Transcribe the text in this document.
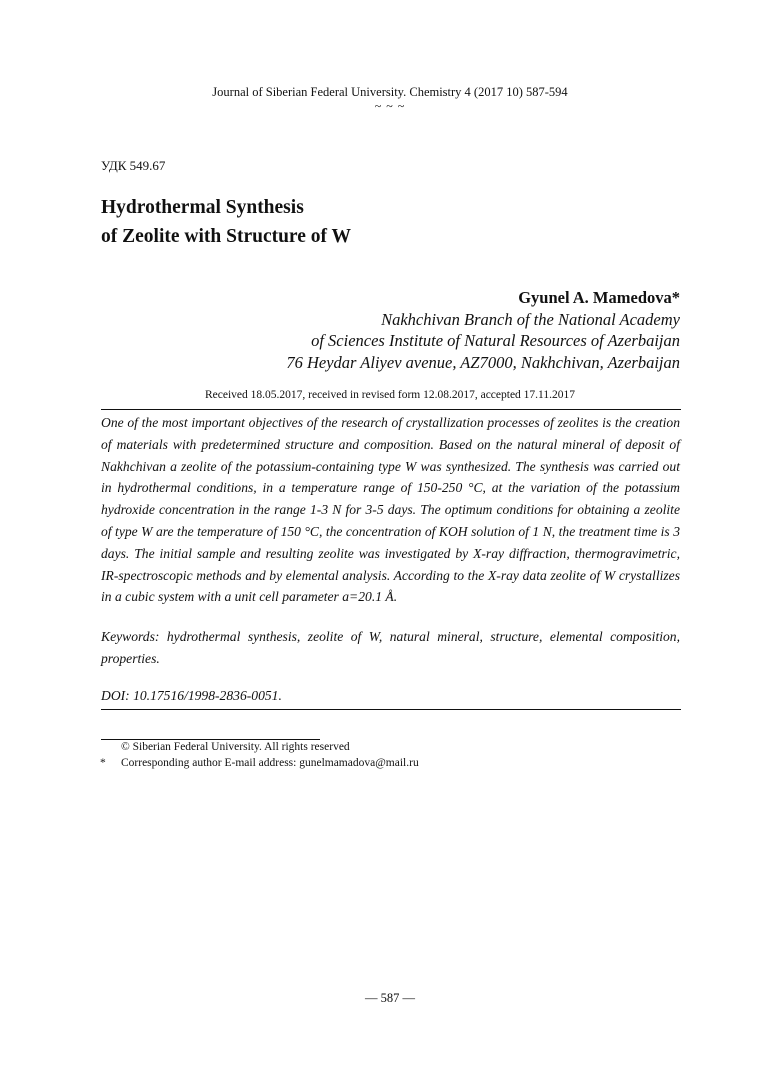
Journal of Siberian Federal University. Chemistry 4 (2017 10) 587-594
~ ~ ~
УДК 549.67
Hydrothermal Synthesis
of Zeolite with Structure of W
Gyunel A. Mamedova*
Nakhchivan Branch of the National Academy
of Sciences Institute of Natural Resources of Azerbaijan
76 Heydar Aliyev avenue, AZ7000, Nakhchivan, Azerbaijan
Received 18.05.2017, received in revised form 12.08.2017, accepted 17.11.2017
One of the most important objectives of the research of crystallization processes of zeolites is the creation of materials with predetermined structure and composition. Based on the natural mineral of deposit of Nakhchivan a zeolite of the potassium-containing type W was synthesized. The synthesis was carried out in hydrothermal conditions, in a temperature range of 150-250 °C, at the variation of the potassium hydroxide concentration in the range 1-3 N for 3-5 days. The optimum conditions for obtaining a zeolite of type W are the temperature of 150 °C, the concentration of KOH solution of 1 N, the treatment time is 3 days. The initial sample and resulting zeolite was investigated by X-ray diffraction, thermogravimetric, IR-spectroscopic methods and by elemental analysis. According to the X-ray data zeolite of W crystallizes in a cubic system with a unit cell parameter a=20.1 Å.
Keywords: hydrothermal synthesis, zeolite of W, natural mineral, structure, elemental composition, properties.
DOI: 10.17516/1998-2836-0051.
© Siberian Federal University. All rights reserved
* Corresponding author E-mail address: gunelmamadova@mail.ru
— 587 —
